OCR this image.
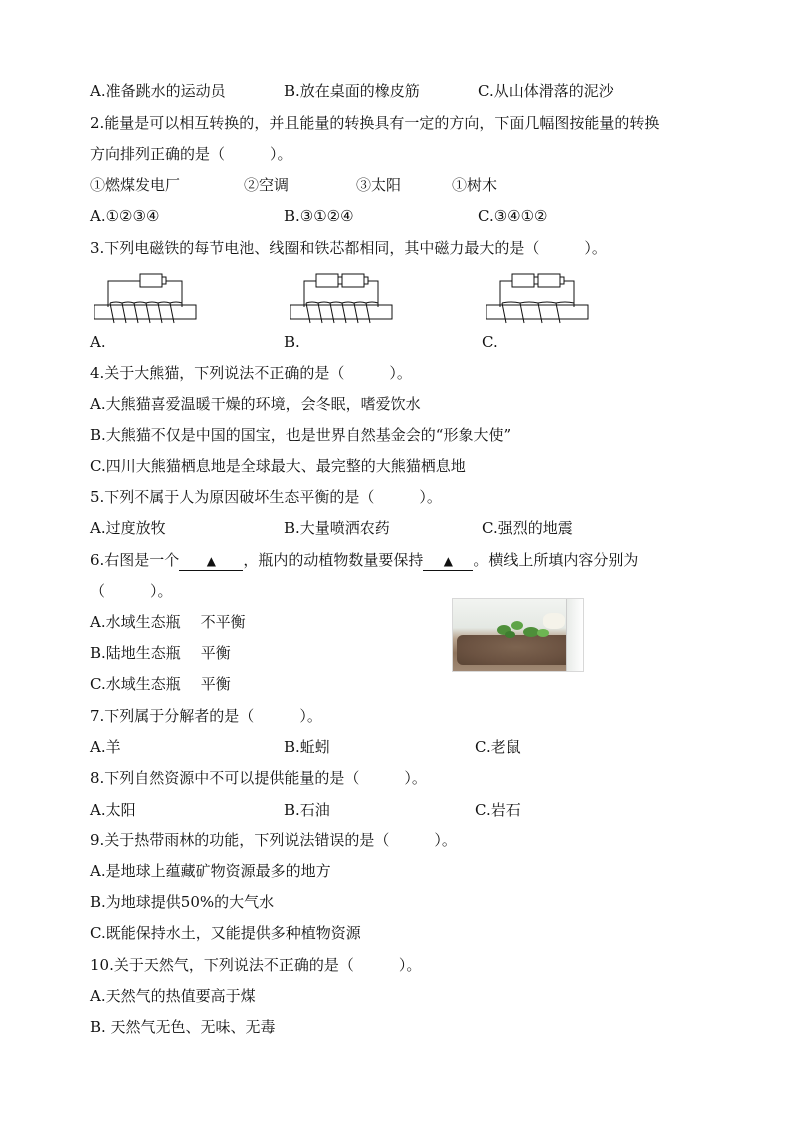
A.准备跳水的运动员	B.放在桌面的橡皮筋	C.从山体滑落的泥沙
2.能量是可以相互转换的，并且能量的转换具有一定的方向，下面几幅图按能量的转换
方向排列正确的是（　　　）。
①燃煤发电厂	②空调	③太阳	①树木
A.①②③④	B.③①②④	C.③④①②
3.下列电磁铁的每节电池、线圈和铁芯都相同，其中磁力最大的是（　　　）。
A.	B.	C.
4.关于大熊猫，下列说法不正确的是（　　　）。
A.大熊猫喜爱温暖干燥的环境，会冬眠，嗜爱饮水
B.大熊猫不仅是中国的国宝，也是世界自然基金会的“形象大使”
C.四川大熊猫栖息地是全球最大、最完整的大熊猫栖息地
5.下列不属于人为原因破坏生态平衡的是（　　　）。
A.过度放牧	B.大量喷洒农药	C.强烈的地震
6.右图是一个 ▲ ，瓶内的动植物数量要保持 ▲ 。横线上所填内容分别为
（　　　）。
A.水域生态瓶 不平衡
B.陆地生态瓶 平衡
C.水域生态瓶 平衡
7.下列属于分解者的是（　　　）。
A.羊	B.蚯蚓	C.老鼠
8.下列自然资源中不可以提供能量的是（　　　）。
A.太阳	B.石油	C.岩石
9.关于热带雨林的功能，下列说法错误的是（　　　）。
A.是地球上蕴藏矿物资源最多的地方
B.为地球提供50%的大气水
C.既能保持水土，又能提供多种植物资源
10.关于天然气，下列说法不正确的是（　　　）。
A.天然气的热值要高于煤
B. 天然气无色、无味、无毒
